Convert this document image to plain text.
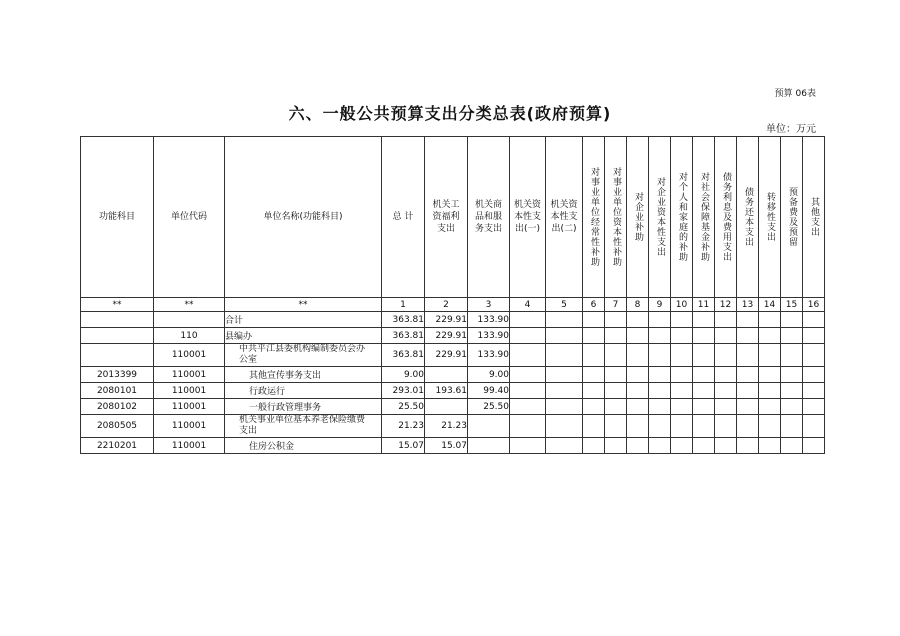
预算 06表
六、一般公共预算支出分类总表(政府预算)
单位：万元
功能科目	单位代码	单位名称(功能科目)	总 计	机关工资福利支出	机关商品和服务支出	机关资本性支出(一)	机关资本性支出(二)	对事业单位经常性补助	对事业单位资本性补助	对企业补助	对企业资本性支出	对个人和家庭的补助	对社会保障基金补助	债务利息及费用支出	债务还本支出	转移性支出	预备费及预留	其他支出

**	**	**	1	2	3	4	5	6	7	8	9	10	11	12	13	14	15	16
		合计	363.81	229.91	133.90													
	110	县编办	363.81	229.91	133.90													
	110001	中共平江县委机构编制委员会办公室	363.81	229.91	133.90													
2013399	110001	其他宣传事务支出	9.00		9.00													
2080101	110001	行政运行	293.01	193.61	99.40													
2080102	110001	一般行政管理事务	25.50		25.50													
2080505	110001	机关事业单位基本养老保险缴费支出	21.23	21.23														
2210201	110001	住房公积金	15.07	15.07														
